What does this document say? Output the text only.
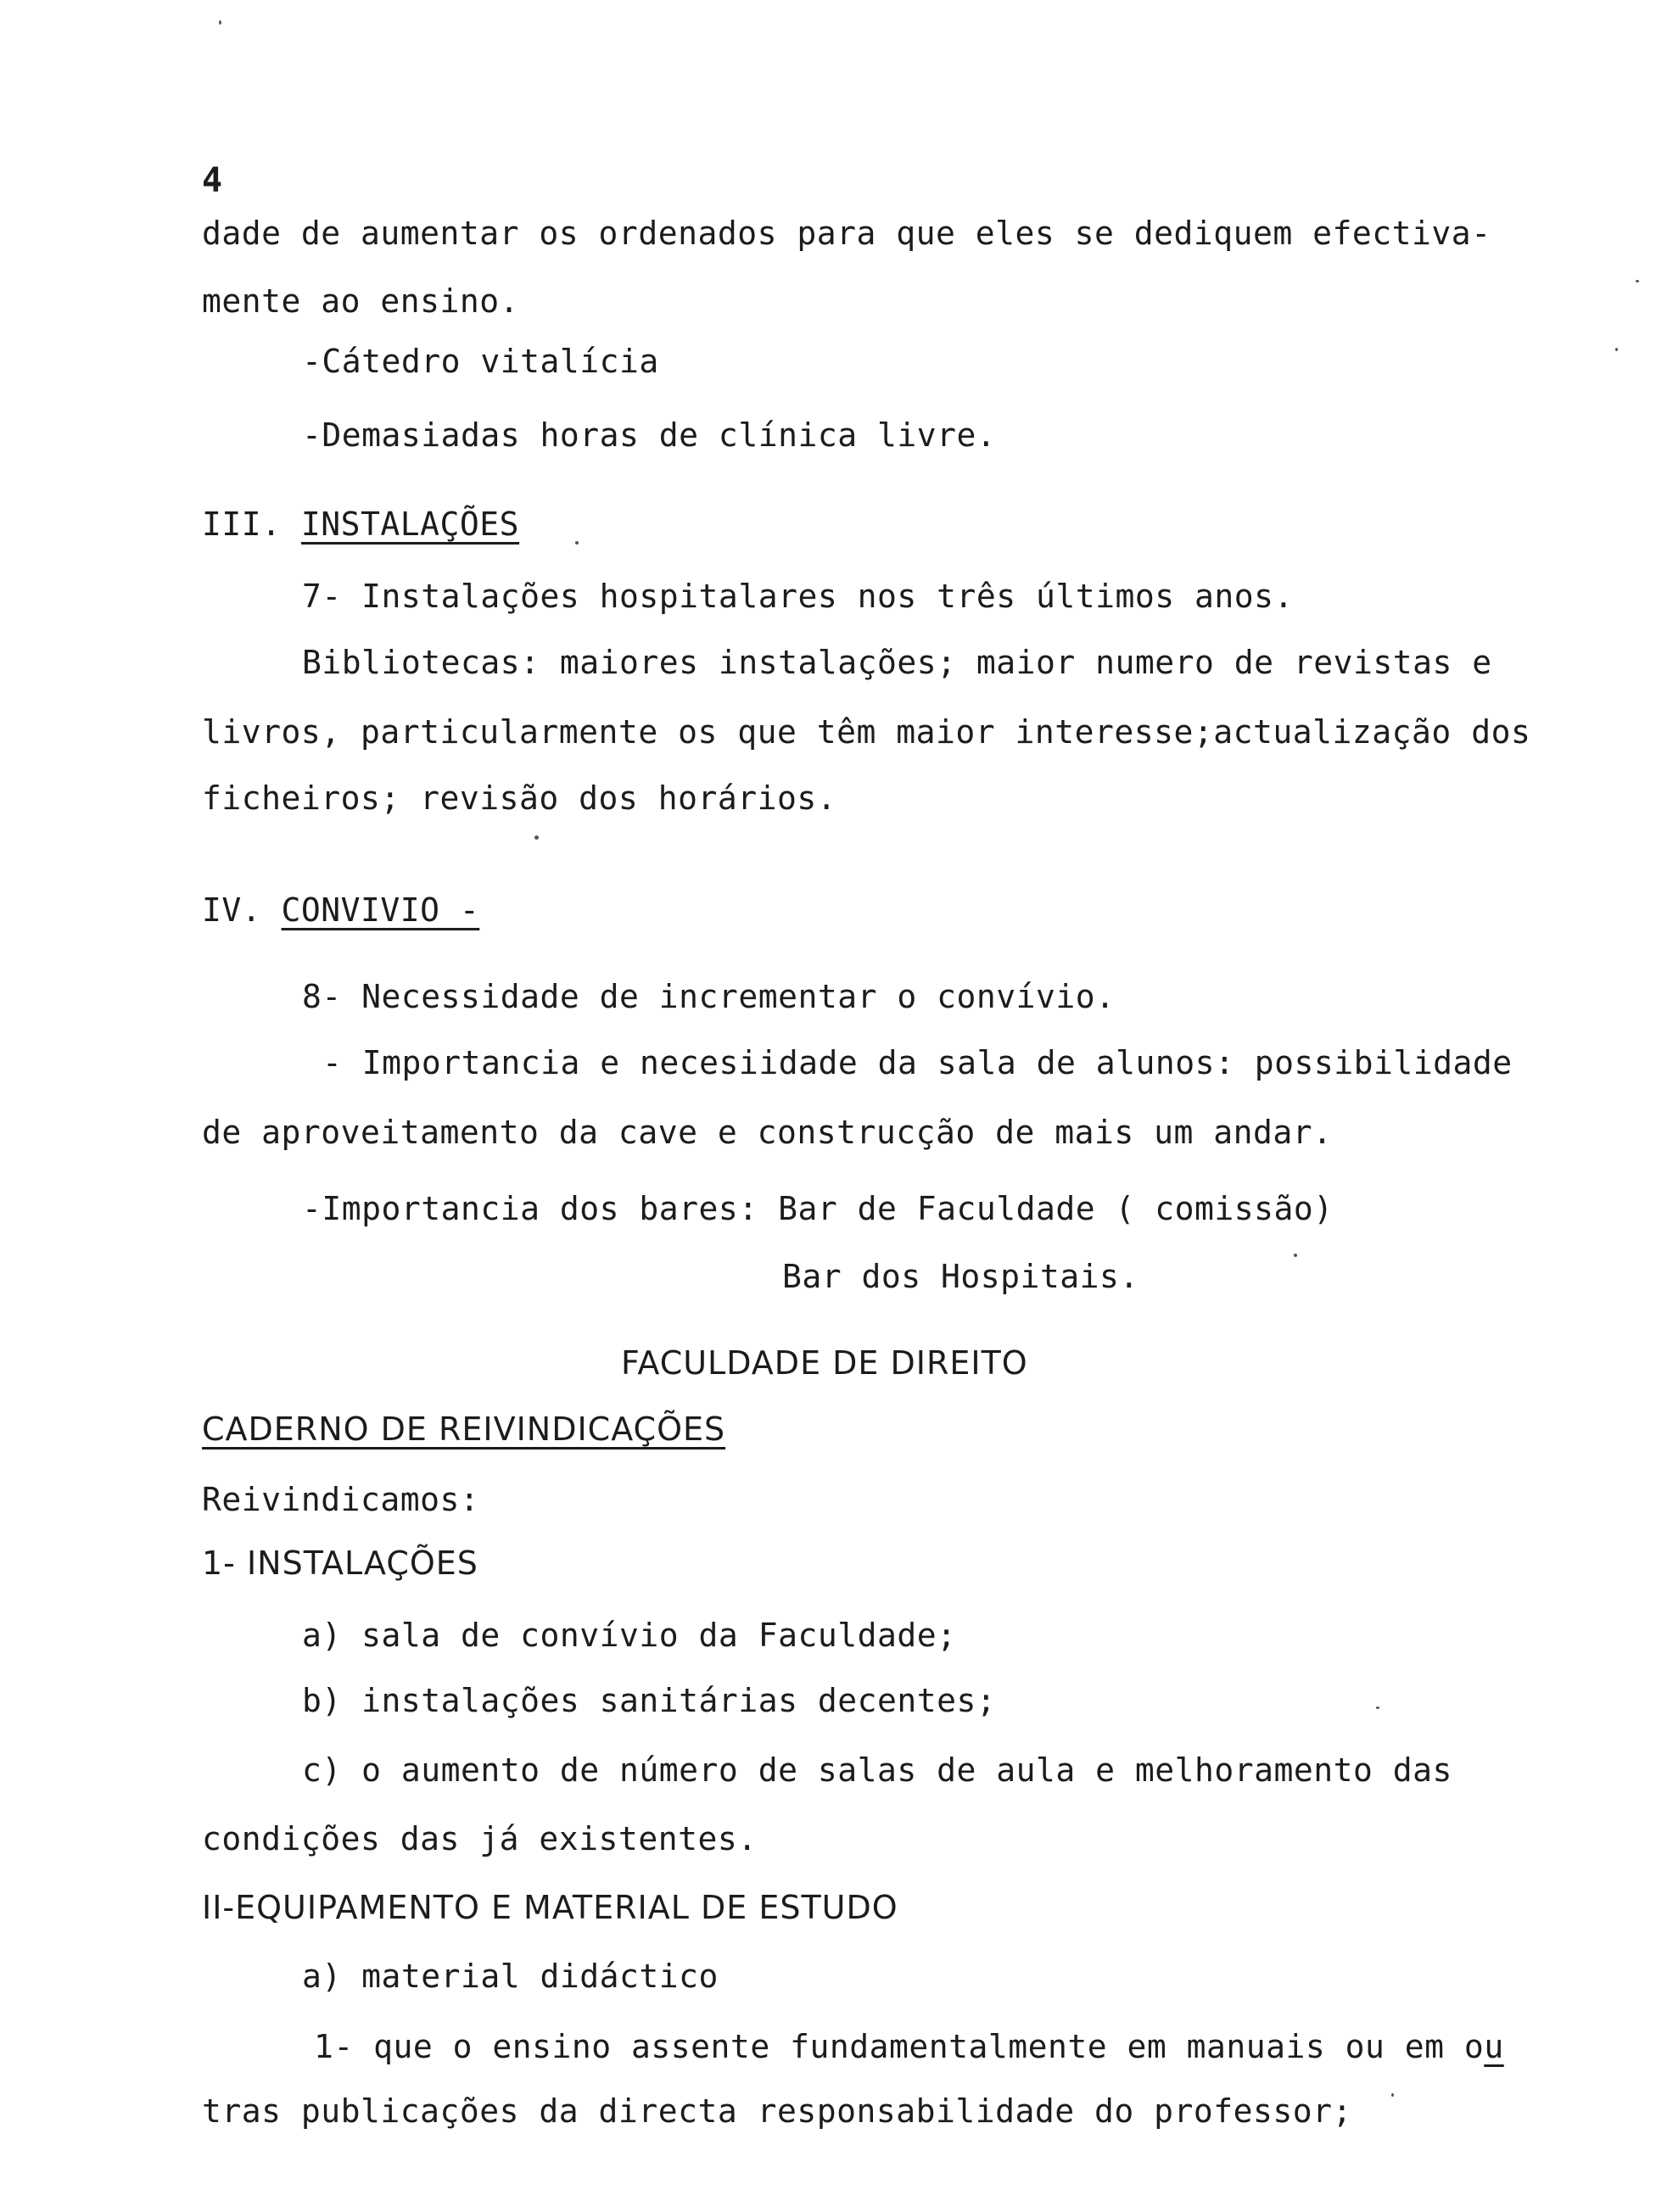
4
dade de aumentar os ordenados para que eles se dediquem efectiva-
mente ao ensino.
-Cátedro vitalícia
-Demasiadas horas de clínica livre.
III. INSTALAÇÕES
7- Instalações hospitalares nos três últimos anos.
Bibliotecas: maiores instalações; maior numero de revistas e
livros, particularmente os que têm maior interesse;actualização dos
ficheiros; revisão dos horários.
IV. CONVIVIO -
8- Necessidade de incrementar o convívio.
- Importancia e necesiidade da sala de alunos: possibilidade
de aproveitamento da cave e construcção de mais um andar.
-Importancia dos bares: Bar de Faculdade ( comissão)
Bar dos Hospitais.
FACULDADE DE DIREITO
CADERNO DE REIVINDICAÇÕES
Reivindicamos:
1- INSTALAÇÕES
a) sala de convívio da Faculdade;
b) instalações sanitárias decentes;
c) o aumento de número de salas de aula e melhoramento das
condições das já existentes.
II-EQUIPAMENTO E MATERIAL DE ESTUDO
a) material didáctico
1- que o ensino assente fundamentalmente em manuais ou em ou
tras publicações da directa responsabilidade do professor;
